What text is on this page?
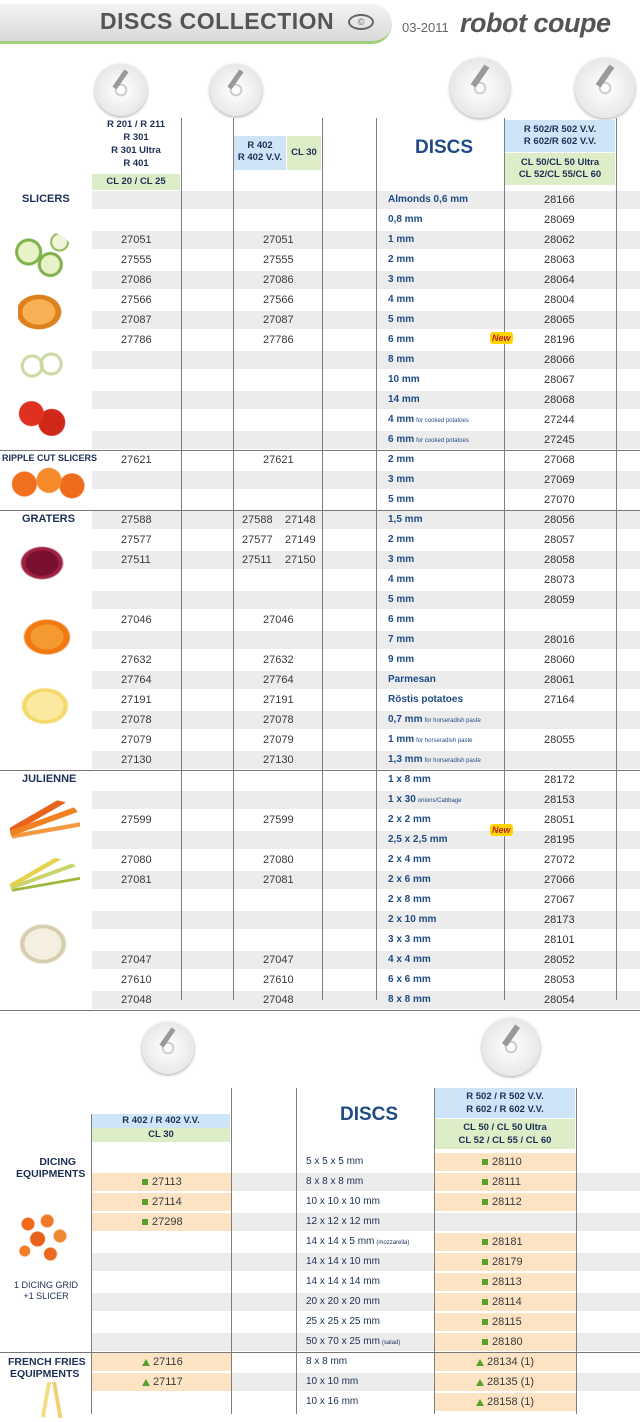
DISCS COLLECTION	©	03-2011 robot coupe
R 201 / R 211
R 301
R 301 Ultra
R 401
CL 20 / CL 25
R 402
R 402 V.V. CL 30	DISCS
R 502/R 502 V.V.
R 602/R 602 V.V.
CL 50/CL 50 Ultra
CL 52/CL 55/CL 60
Almonds 0,6 mm	28166
0,8 mm	28069
27051	27051	1 mm	28062
27555	27555	2 mm	28063
27086	27086	3 mm	28064
27566	27566	4 mm	28004
27087	27087	5 mm	28065
27786	27786	6 mm	28196
8 mm	28066
10 mm	28067
14 mm	28068
4 mm for cooked potatoes	27244
6 mm for cooked potatoes	27245
27621	27621	2 mm	27068
3 mm	27069
5 mm	27070
27588	27588 27148	1,5 mm	28056
27577	27577 27149	2 mm	28057
27511	27511 27150	3 mm	28058
4 mm	28073
5 mm	28059
27046	27046	6 mm
7 mm	28016
27632	27632	9 mm	28060
27764	27764	Parmesan	28061
27191	27191	Röstis potatoes	27164
27078	27078	0,7 mm for horseradish paste
27079	27079	1 mm for horseradish paste	28055
27130	27130	1,3 mm for horseradish paste
1 x 8 mm	28172
1 x 30 onions/Cabbage	28153
27599	27599	2 x 2 mm	28051
2,5 x 2,5 mm	28195
27080	27080	2 x 4 mm	27072
27081	27081	2 x 6 mm	27066
2 x 8 mm	27067
2 x 10 mm	28173
3 x 3 mm	28101
27047	27047	4 x 4 mm	28052
27610	27610	6 x 6 mm	28053
27048	27048	8 x 8 mm	28054
SLICERS
RIPPLE CUT SLICERS
GRATERS
JULIENNE
New
New
R 402 / R 402 V.V.
CL 30
DISCS
R 502 / R 502 V.V.
R 602 / R 602 V.V.
CL 50 / CL 50 Ultra
CL 52 / CL 55 / CL 60
5 x 5 x 5 mm	28110
27113	8 x 8 x 8 mm	28111
27114	10 x 10 x 10 mm	28112
27298	12 x 12 x 12 mm
14 x 14 x 5 mm (mozzarella)	28181
14 x 14 x 10 mm	28179
14 x 14 x 14 mm	28113
20 x 20 x 20 mm	28114
25 x 25 x 25 mm	28115
50 x 70 x 25 mm (salad)	28180
27116	8 x 8 mm	28134 (1)
27117	10 x 10 mm	28135 (1)
10 x 16 mm	28158 (1)
DICING
EQUIPMENTS
1 DICING GRID
+1 SLICER
FRENCH FRIES
EQUIPMENTS
